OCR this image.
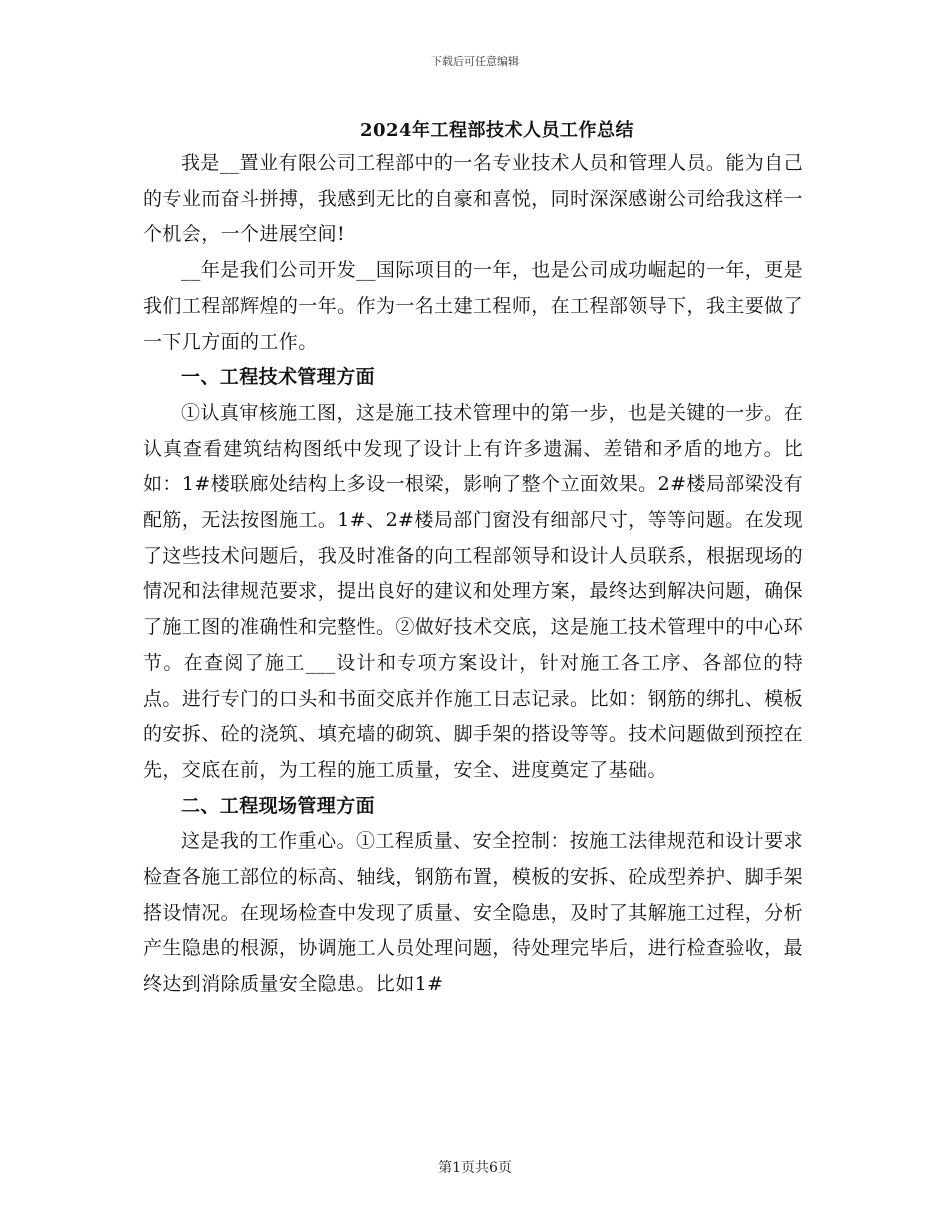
下载后可任意编辑
2024年工程部技术人员工作总结

我是__置业有限公司工程部中的一名专业技术人员和管理人员。能为自己的专业而奋斗拼搏，我感到无比的自豪和喜悦，同时深深感谢公司给我这样一个机会，一个进展空间!

__年是我们公司开发__国际项目的一年，也是公司成功崛起的一年，更是我们工程部辉煌的一年。作为一名土建工程师，在工程部领导下，我主要做了一下几方面的工作。

一、工程技术管理方面

①认真审核施工图，这是施工技术管理中的第一步，也是关键的一步。在认真查看建筑结构图纸中发现了设计上有许多遗漏、差错和矛盾的地方。比如：1#楼联廊处结构上多设一根梁，影响了整个立面效果。2#楼局部梁没有配筋，无法按图施工。1#、2#楼局部门窗没有细部尺寸，等等问题。在发现了这些技术问题后，我及时准备的向工程部领导和设计人员联系，根据现场的情况和法律规范要求，提出良好的建议和处理方案，最终达到解决问题，确保了施工图的准确性和完整性。②做好技术交底，这是施工技术管理中的中心环节。在查阅了施工___设计和专项方案设计，针对施工各工序、各部位的特点。进行专门的口头和书面交底并作施工日志记录。比如：钢筋的绑扎、模板的安拆、砼的浇筑、填充墙的砌筑、脚手架的搭设等等。技术问题做到预控在先，交底在前，为工程的施工质量，安全、进度奠定了基础。

二、工程现场管理方面

这是我的工作重心。①工程质量、安全控制：按施工法律规范和设计要求检查各施工部位的标高、轴线，钢筋布置，模板的安拆、砼成型养护、脚手架搭设情况。在现场检查中发现了质量、安全隐患，及时了其解施工过程，分析产生隐患的根源，协调施工人员处理问题，待处理完毕后，进行检查验收，最终达到消除质量安全隐患。比如1#

第1页共6页
